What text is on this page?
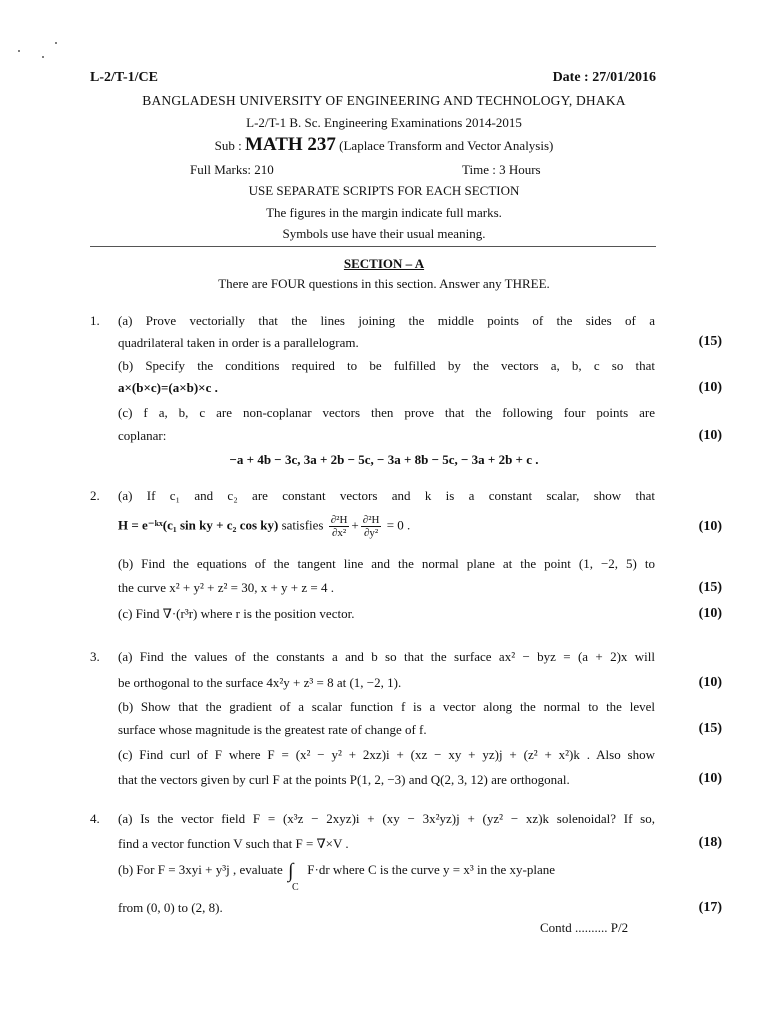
L-2/T-1/CE	Date : 27/01/2016
BANGLADESH UNIVERSITY OF ENGINEERING AND TECHNOLOGY, DHAKA
L-2/T-1 B. Sc. Engineering Examinations 2014-2015
Sub : MATH 237 (Laplace Transform and Vector Analysis)
Full Marks: 210	Time : 3 Hours
USE SEPARATE SCRIPTS FOR EACH SECTION
The figures in the margin indicate full marks.
Symbols use have their usual meaning.
SECTION – A
There are FOUR questions in this section. Answer any THREE.
1. (a) Prove vectorially that the lines joining the middle points of the sides of a
quadrilateral taken in order is a parallelogram.	(15)
(b) Specify the conditions required to be fulfilled by the vectors a, b, c so that
a×(b×c)=(a×b)×c .	(10)
(c) f a, b, c are non-coplanar vectors then prove that the following four points are
coplanar:	(10)
−a + 4b − 3c, 3a + 2b − 5c, − 3a + 8b − 5c, − 3a + 2b + c .
2. (a) If c₁ and c₂ are constant vectors and k is a constant scalar, show that
H = e⁻ᵏˣ(c₁ sin ky + c₂ cos ky) satisfies $\frac{\text{∂²H}}{\text{∂x²}} + \frac{\text{∂²H}}{\text{∂y²}} = 0$ .	(10)
(b) Find the equations of the tangent line and the normal plane at the point (1, −2, 5) to
the curve x² + y² + z² = 30, x + y + z = 4 .	(15)
(c) Find ∇·(r³r) where r is the position vector.	(10)
3. (a) Find the values of the constants a and b so that the surface ax² − byz = (a + 2)x will
be orthogonal to the surface 4x²y + z³ = 8 at (1, −2, 1).	(10)
(b) Show that the gradient of a scalar function f is a vector along the normal to the level
surface whose magnitude is the greatest rate of change of f.	(15)
(c) Find curl of F where F = (x² − y² + 2xz)i + (xz − xy + yz)j + (z² + x²)k . Also show
that the vectors given by curl F at the points P(1, 2, −3) and Q(2, 3, 12) are orthogonal.	(10)
4. (a) Is the vector field F = (x³z − 2xyz)i + (xy − 3x²yz)j + (yz² − xz)k solenoidal? If so,
find a vector function V such that F = ∇×V .	(18)
(b) For F = 3xyi + y³j , evaluate ∫
C
F·dr where C is the curve y = x³ in the xy-plane
from (0, 0) to (2, 8).	(17)
Contd .......... P/2
